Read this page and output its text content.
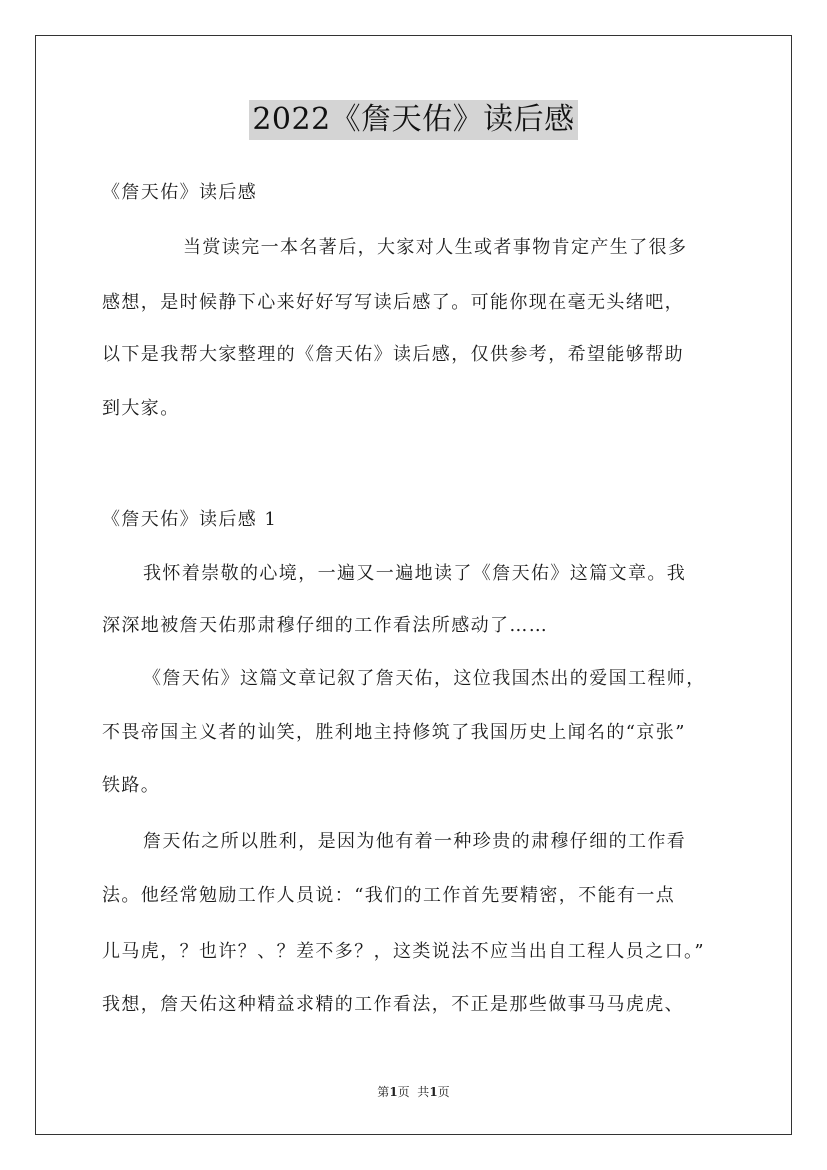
2022《詹天佑》读后感
《詹天佑》读后感
当赏读完一本名著后，大家对人生或者事物肯定产生了很多
感想，是时候静下心来好好写写读后感了。可能你现在毫无头绪吧，
以下是我帮大家整理的《詹天佑》读后感，仅供参考，希望能够帮助
到大家。
《詹天佑》读后感 1
我怀着崇敬的心境，一遍又一遍地读了《詹天佑》这篇文章。我
深深地被詹天佑那肃穆仔细的工作看法所感动了……
《詹天佑》这篇文章记叙了詹天佑，这位我国杰出的爱国工程师，
不畏帝国主义者的讪笑，胜利地主持修筑了我国历史上闻名的“京张”
铁路。
詹天佑之所以胜利，是因为他有着一种珍贵的肃穆仔细的工作看
法。他经常勉励工作人员说：“我们的工作首先要精密，不能有一点
儿马虎，？也许？、？差不多？，这类说法不应当出自工程人员之口。”
我想，詹天佑这种精益求精的工作看法，不正是那些做事马马虎虎、
第1页  共1页
